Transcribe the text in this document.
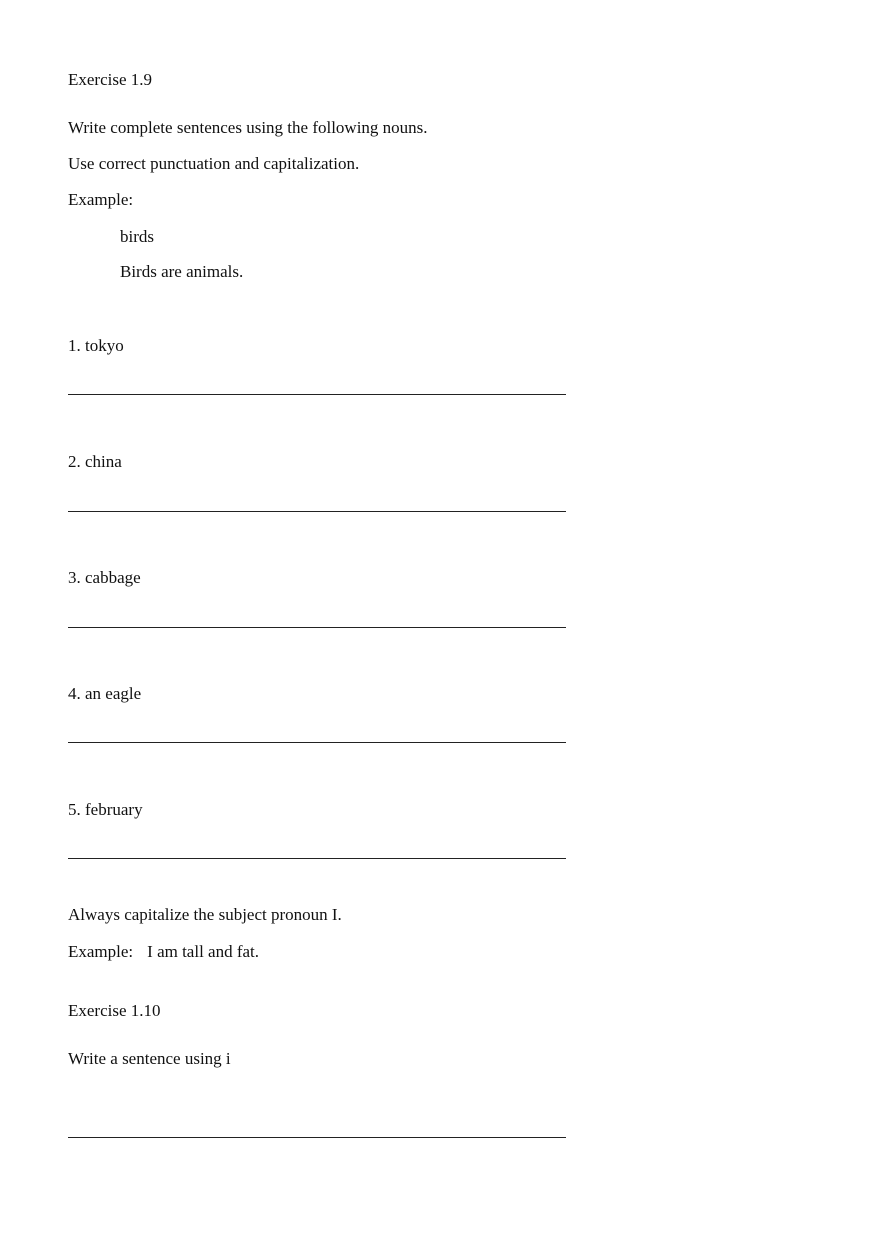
Exercise 1.9
Write complete sentences using the following nouns.
Use correct punctuation and capitalization.
Example:
birds
Birds are animals.
1. tokyo
2. china
3. cabbage
4. an eagle
5. february
Always capitalize the subject pronoun I.
Example: I am tall and fat.
Exercise 1.10
Write a sentence using i
